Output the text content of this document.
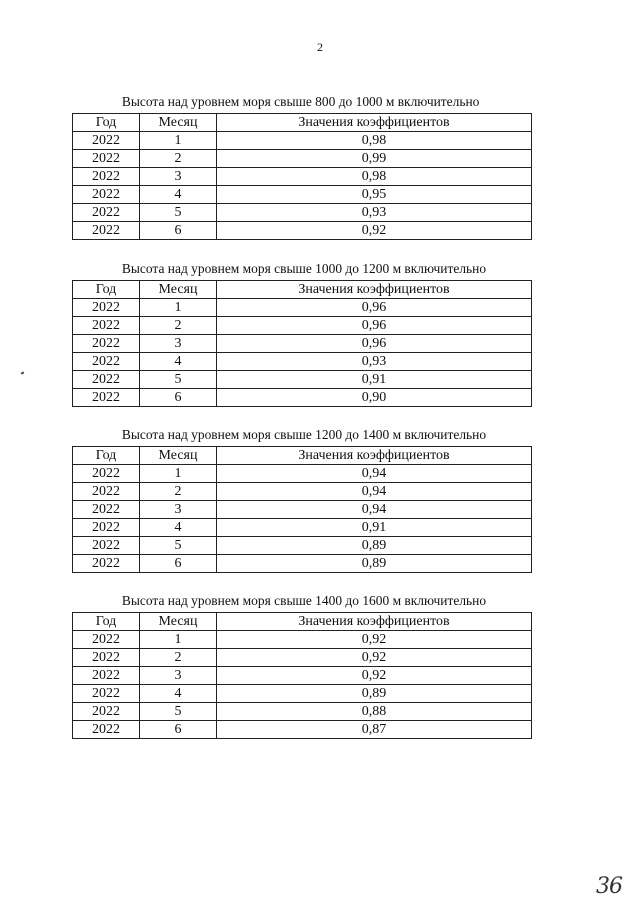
2
Высота над уровнем моря свыше 800 до 1000 м включительно
Год	Месяц	Значения коэффициентов
2022	1	0,98
2022	2	0,99
2022	3	0,98
2022	4	0,95
2022	5	0,93
2022	6	0,92
Высота над уровнем моря свыше 1000 до 1200 м включительно
Год	Месяц	Значения коэффициентов
2022	1	0,96
2022	2	0,96
2022	3	0,96
2022	4	0,93
2022	5	0,91
2022	6	0,90
Высота над уровнем моря свыше 1200 до 1400 м включительно
Год	Месяц	Значения коэффициентов
2022	1	0,94
2022	2	0,94
2022	3	0,94
2022	4	0,91
2022	5	0,89
2022	6	0,89
Высота над уровнем моря свыше 1400 до 1600 м включительно
Год	Месяц	Значения коэффициентов
2022	1	0,92
2022	2	0,92
2022	3	0,92
2022	4	0,89
2022	5	0,88
2022	6	0,87
36
